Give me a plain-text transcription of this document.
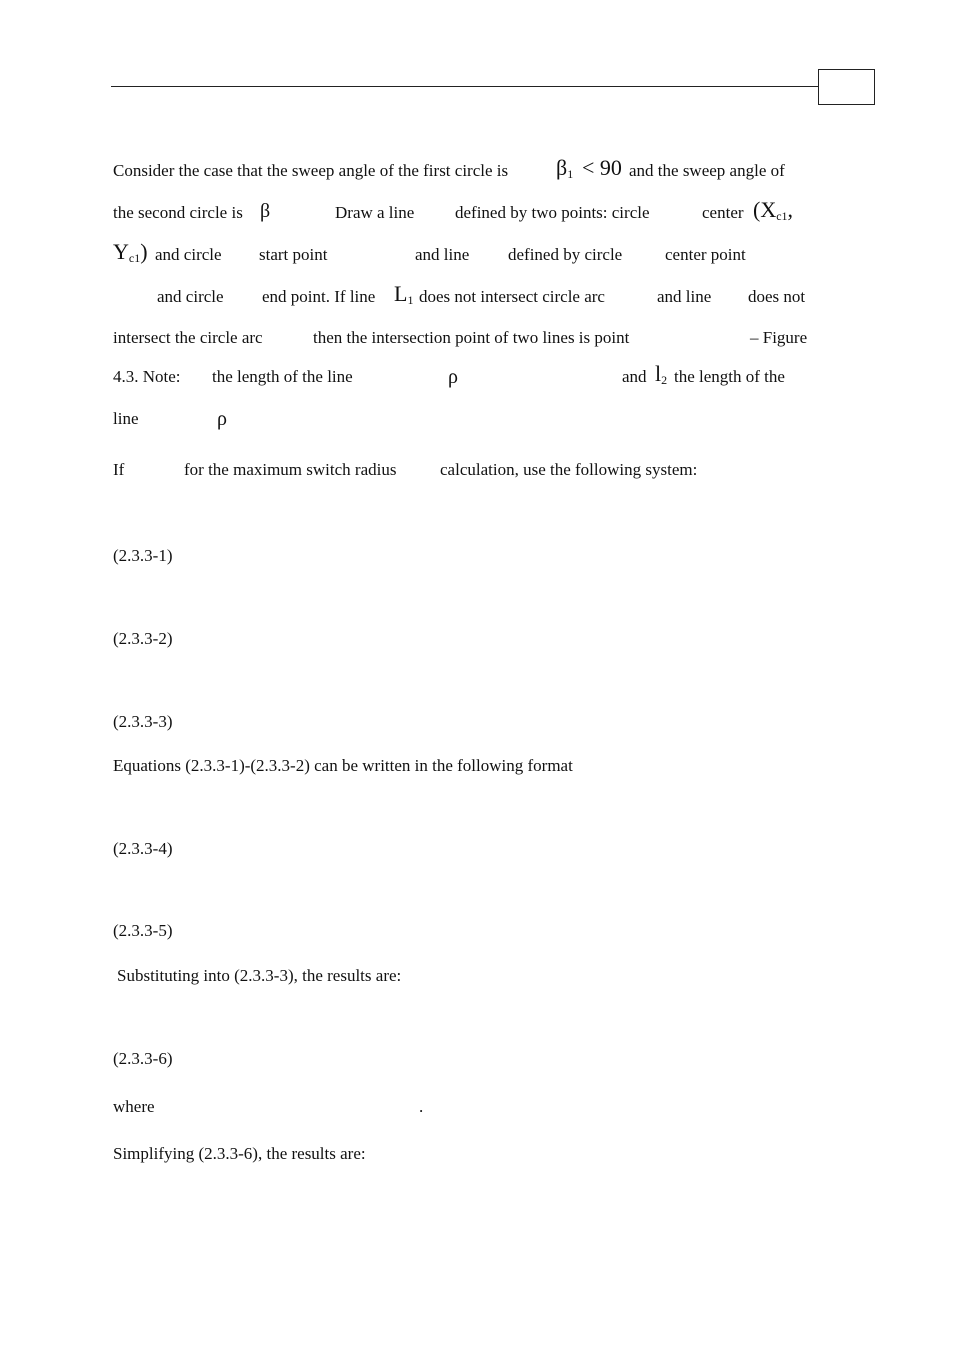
Consider the case that the sweep angle of the first circle is $\beta_1 < 90$ and the sweep angle of
the second circle is β	Draw a line defined by two points: circle	center ($X_{c1}$,
$Y_{c1}$) and circle start point	and line defined by circle	center point
and circle end point. If line $L_1$ does not intersect circle arc	and line does not
intersect the circle arc	then the intersection point of two lines is point	– Figure
4.3. Note: the length of the line	ρ	and $l_2$ the length of the
line	ρ
If	for the maximum switch radius	calculation, use the following system:
(2.3.3-1)
(2.3.3-2)
(2.3.3-3)
Equations (2.3.3-1)-(2.3.3-2) can be written in the following format
(2.3.3-4)
(2.3.3-5)
Substituting into (2.3.3-3), the results are:
(2.3.3-6)
where	.
Simplifying (2.3.3-6), the results are:
